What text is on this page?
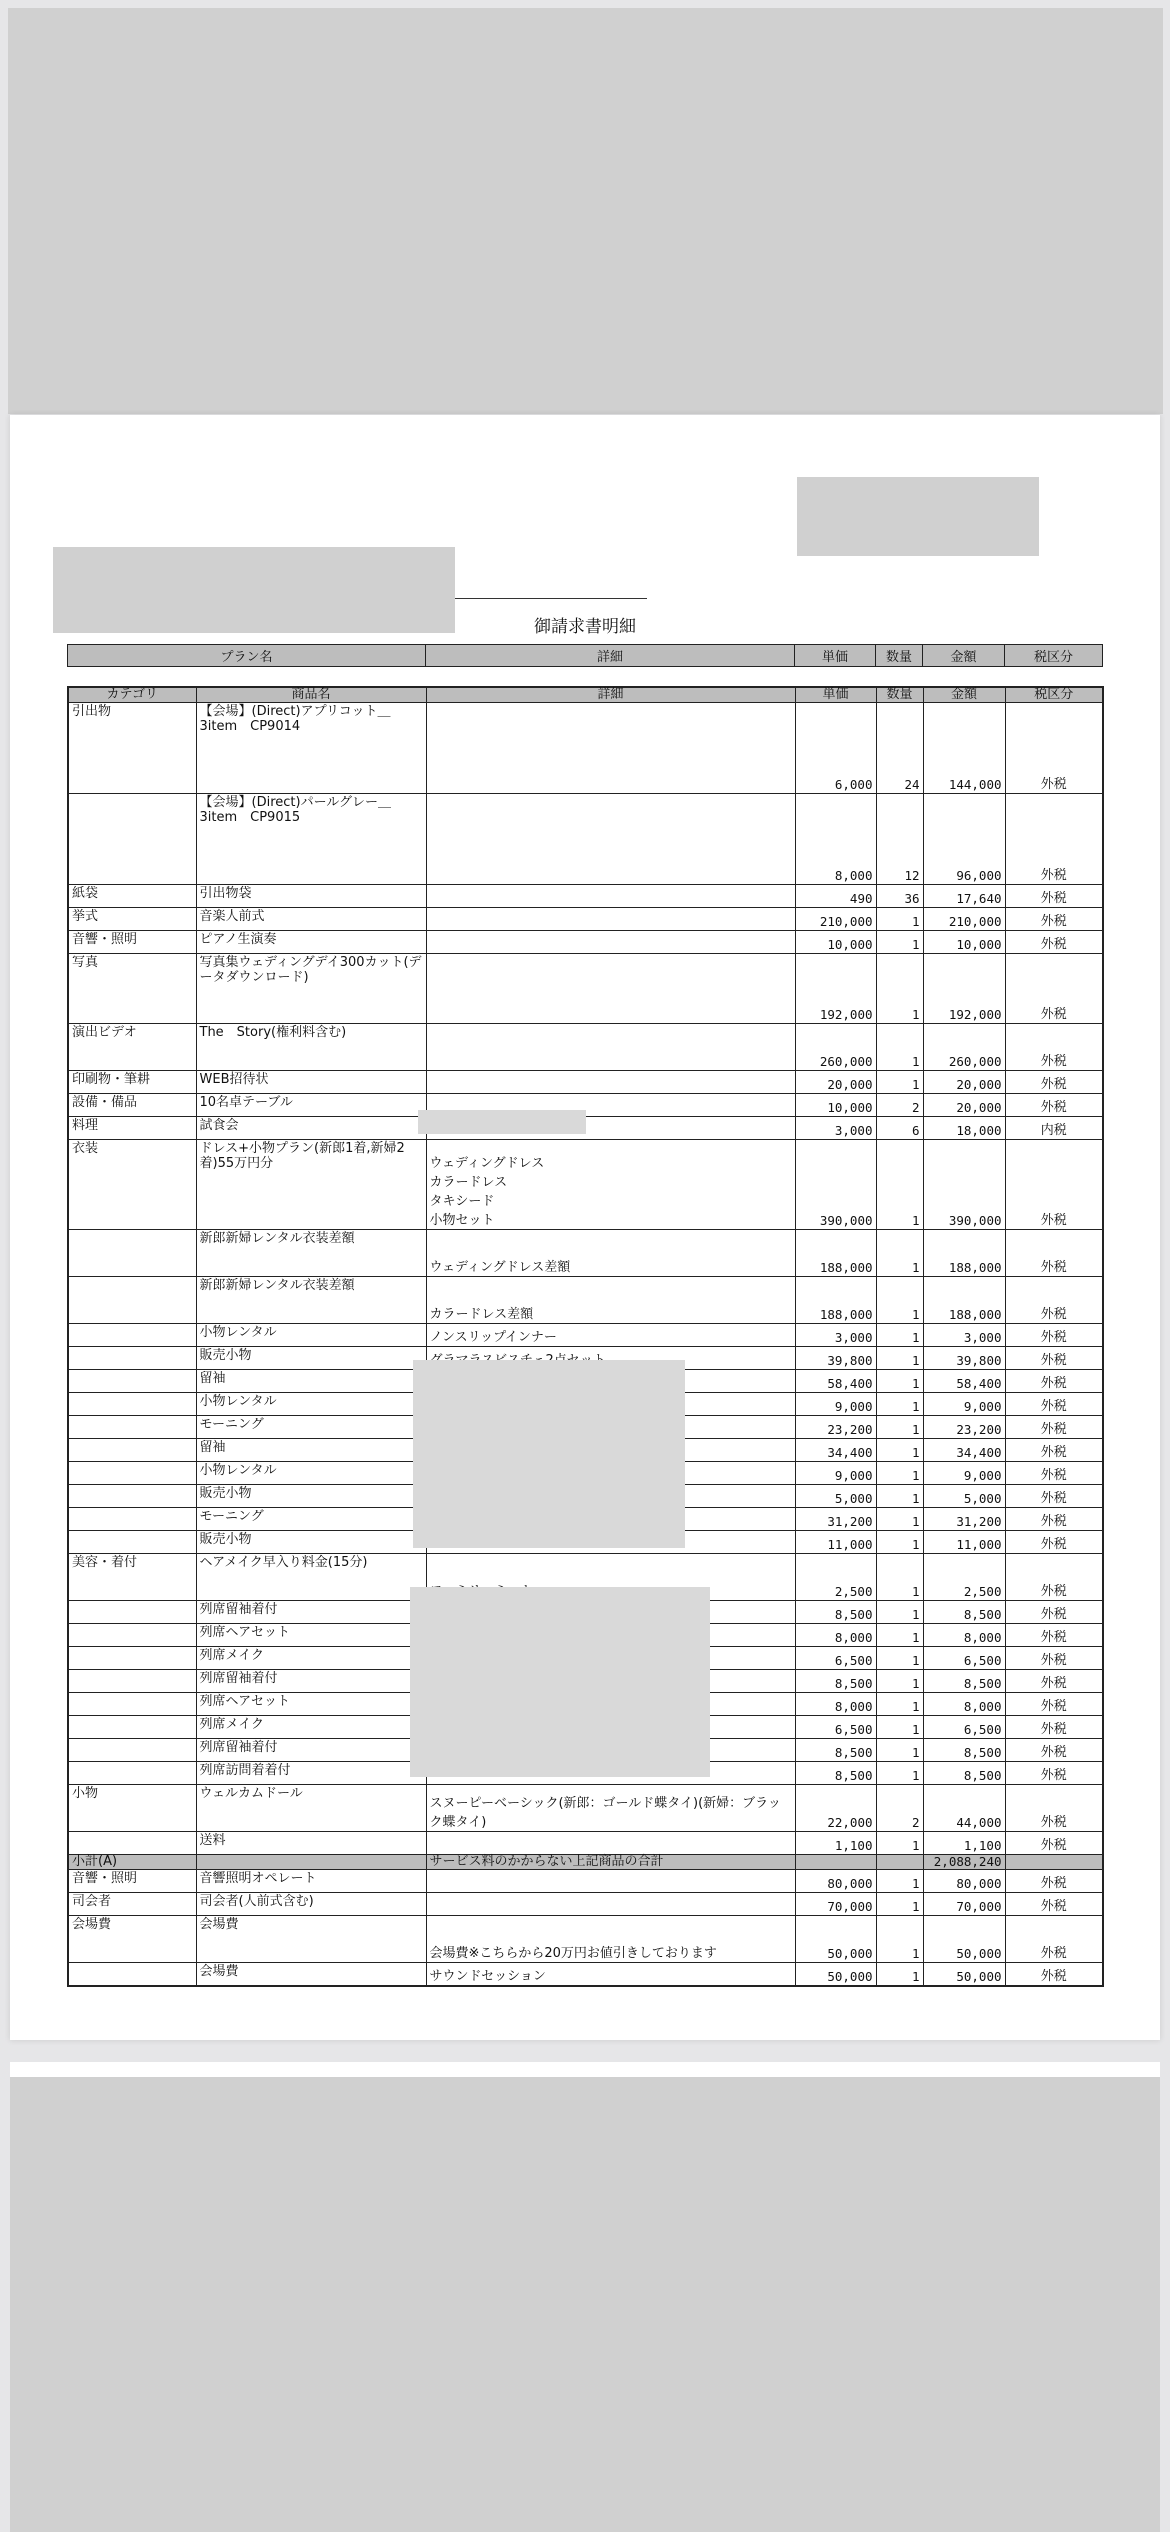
御請求書明細
プラン名	詳細	単価	数量	金額	税区分
カテゴリ	商品名	詳細	単価	数量	金額	税区分
引出物	【会場】(Direct)アプリコット＿3item　CP9014		6,000	24	144,000	外税
	【会場】(Direct)パールグレー＿3item　CP9015		8,000	12	96,000	外税
紙袋	引出物袋		490	36	17,640	外税
挙式	音楽人前式		210,000	1	210,000	外税
音響・照明	ピアノ生演奏		10,000	1	10,000	外税
写真	写真集ウェディングデイ300カット(データダウンロード)		192,000	1	192,000	外税
演出ビデオ	The　Story(権利料含む)		260,000	1	260,000	外税
印刷物・筆耕	WEB招待状		20,000	1	20,000	外税
設備・備品	10名卓テーブル		10,000	2	20,000	外税
料理	試食会		3,000	6	18,000	内税
衣装	ドレス+小物プラン(新郎1着,新婦2着)55万円分	ウェディングドレス
カラードレス
タキシード
小物セット	390,000	1	390,000	外税
	新郎新婦レンタル衣装差額	ウェディングドレス差額	188,000	1	188,000	外税
	新郎新婦レンタル衣装差額	カラードレス差額	188,000	1	188,000	外税
	小物レンタル	ノンスリップインナー	3,000	1	3,000	外税
	販売小物		39,800	1	39,800	外税
	留袖		58,400	1	58,400	外税
	小物レンタル		9,000	1	9,000	外税
	モーニング		23,200	1	23,200	外税
	留袖		34,400	1	34,400	外税
	小物レンタル		9,000	1	9,000	外税
	販売小物		5,000	1	5,000	外税
	モーニング		31,200	1	31,200	外税
	販売小物		11,000	1	11,000	外税
美容・着付	ヘアメイク早入り料金(15分)		2,500	1	2,500	外税
	列席留袖着付		8,500	1	8,500	外税
	列席ヘアセット		8,000	1	8,000	外税
	列席メイク		6,500	1	6,500	外税
	列席留袖着付		8,500	1	8,500	外税
	列席ヘアセット		8,000	1	8,000	外税
	列席メイク		6,500	1	6,500	外税
	列席留袖着付		8,500	1	8,500	外税
	列席訪問着着付		8,500	1	8,500	外税
小物	ウェルカムドール	スヌーピーベーシック(新郎：ゴールド蝶タイ)(新婦：ブラック蝶タイ)	22,000	2	44,000	外税
	送料		1,100	1	1,100	外税
小計(A)		サービス料のかからない上記商品の合計			2,088,240	
音響・照明	音響照明オペレート		80,000	1	80,000	外税
司会者	司会者(人前式含む)		70,000	1	70,000	外税
会場費	会場費	会場費※こちらから20万円お値引きしております	50,000	1	50,000	外税
	会場費	サウンドセッション	50,000	1	50,000	外税
